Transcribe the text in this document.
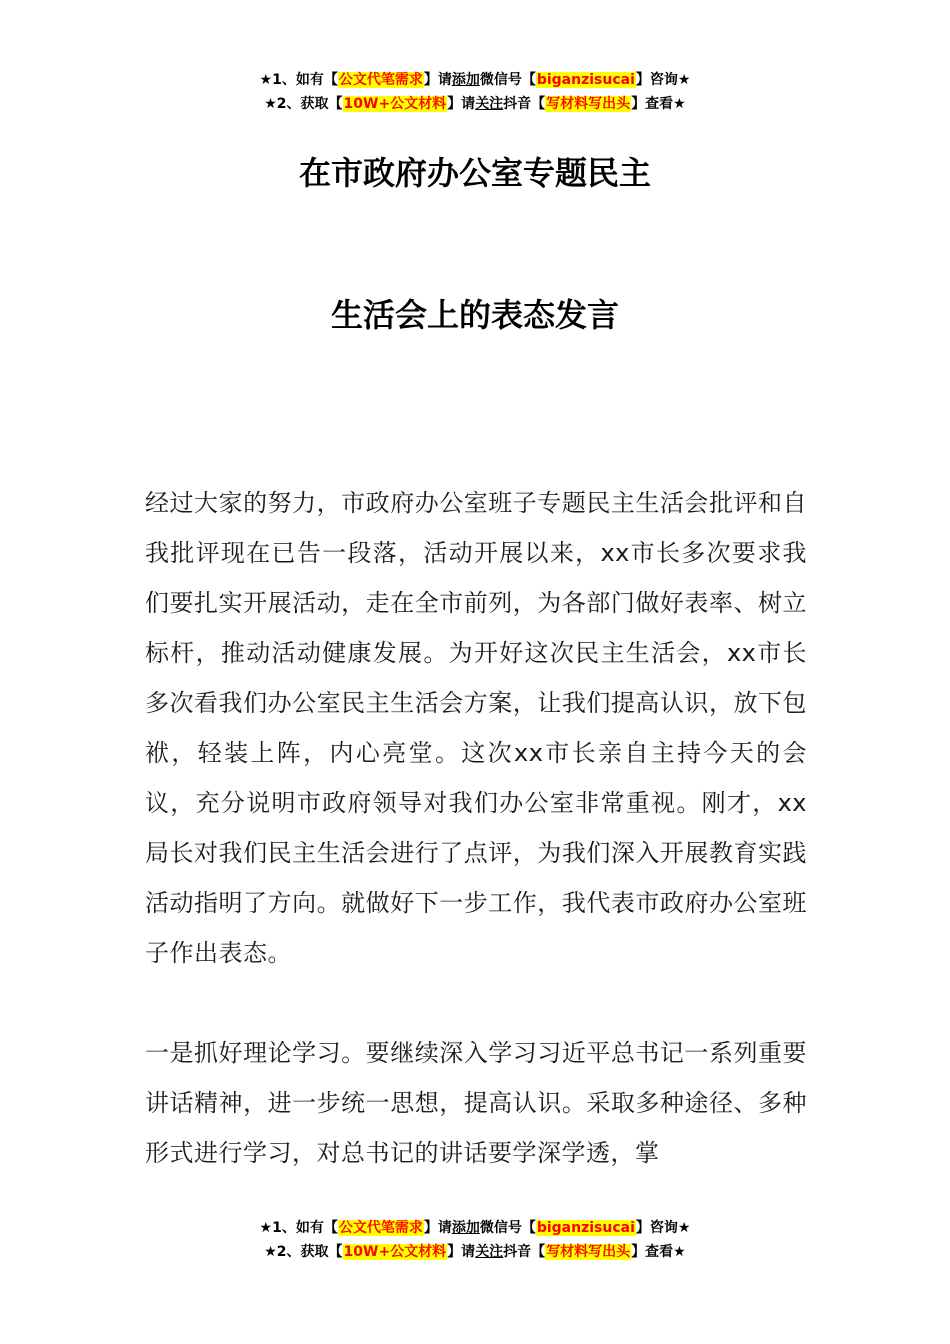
★1、如有【公文代笔需求】请添加微信号【biganzisucai】咨询★
★2、获取【10W+公文材料】请关注抖音【写材料写出头】查看★
在市政府办公室专题民主
生活会上的表态发言
经过大家的努力，市政府办公室班子专题民主生活会批评和自我批评现在已告一段落，活动开展以来，xx市长多次要求我们要扎实开展活动，走在全市前列，为各部门做好表率、树立标杆，推动活动健康发展。为开好这次民主生活会，xx市长多次看我们办公室民主生活会方案，让我们提高认识，放下包袱，轻装上阵，内心亮堂。这次xx市长亲自主持今天的会议，充分说明市政府领导对我们办公室非常重视。刚才，xx局长对我们民主生活会进行了点评，为我们深入开展教育实践活动指明了方向。就做好下一步工作，我代表市政府办公室班子作出表态。
一是抓好理论学习。要继续深入学习习近平总书记一系列重要讲话精神，进一步统一思想，提高认识。采取多种途径、多种形式进行学习，对总书记的讲话要学深学透，掌
★1、如有【公文代笔需求】请添加微信号【biganzisucai】咨询★
★2、获取【10W+公文材料】请关注抖音【写材料写出头】查看★
